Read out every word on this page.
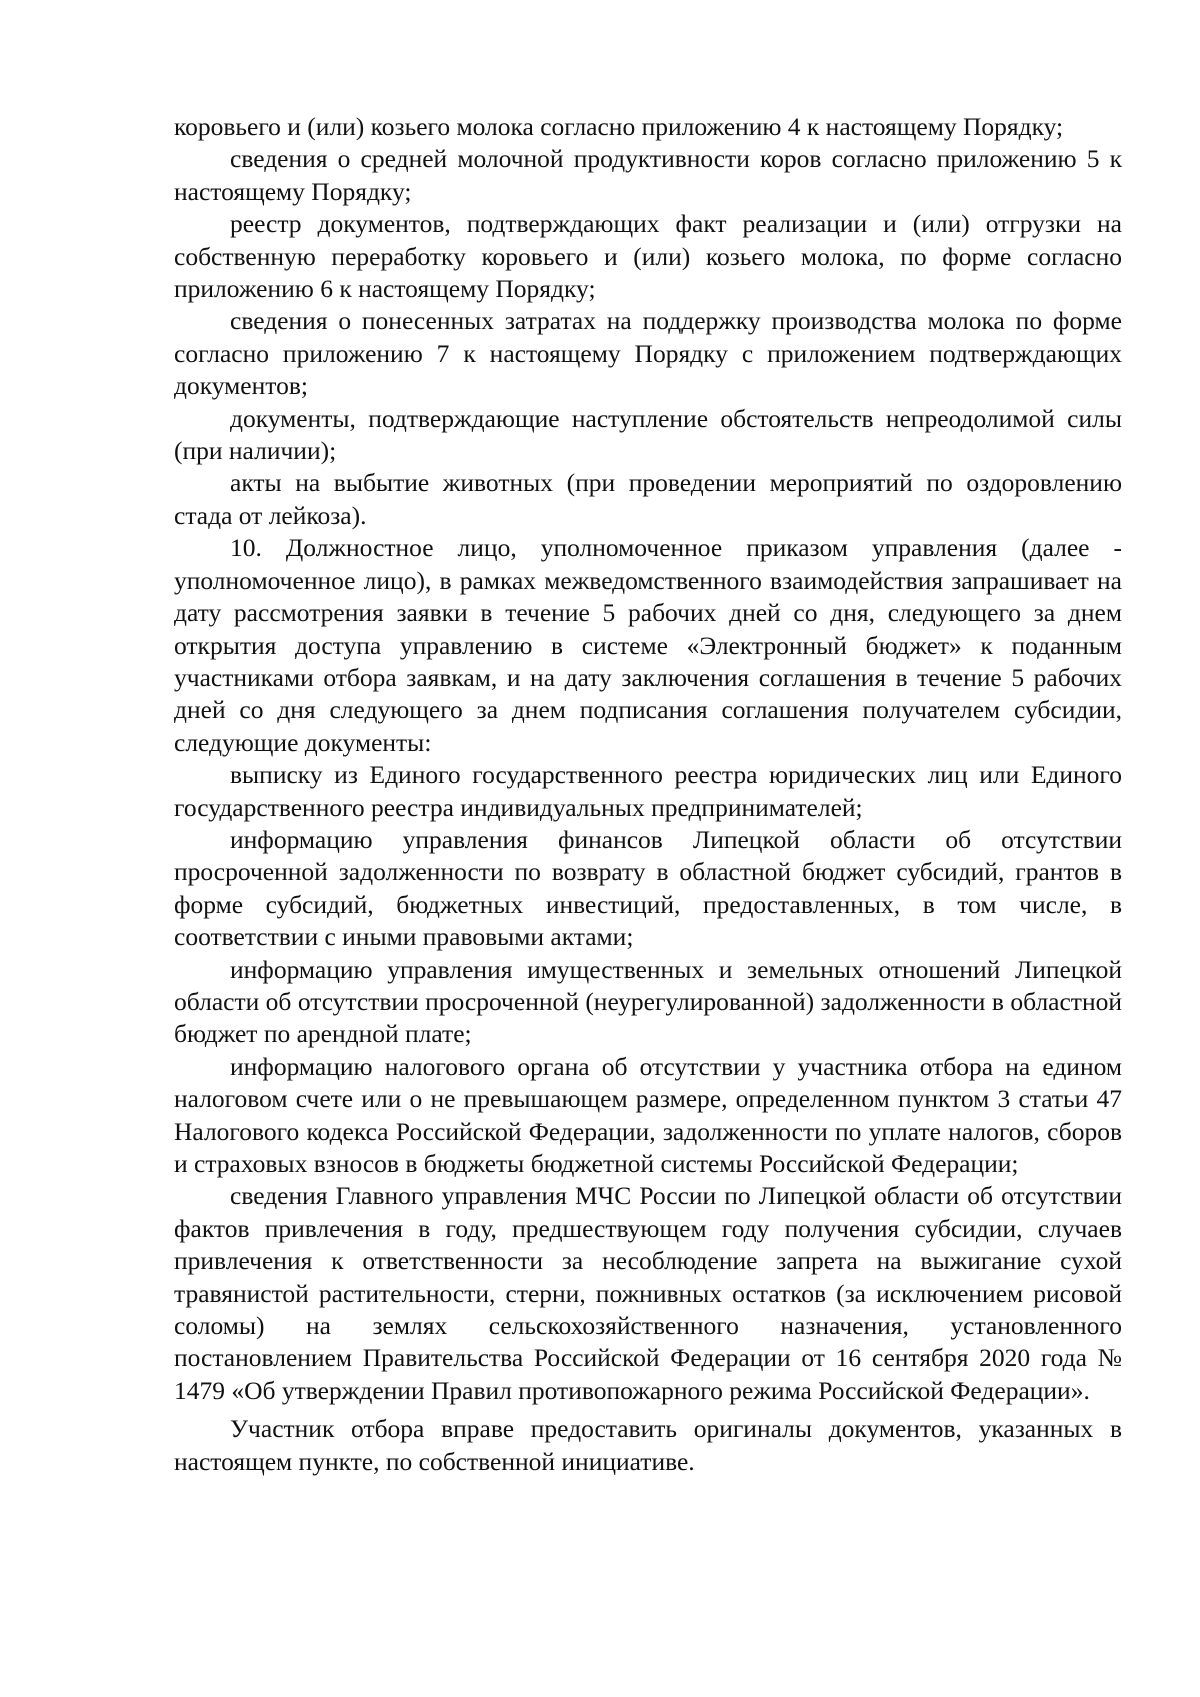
коровьего и (или) козьего молока согласно приложению 4 к настоящему Порядку;

сведения о средней молочной продуктивности коров согласно приложению 5 к настоящему Порядку;

реестр документов, подтверждающих факт реализации и (или) отгрузки на собственную переработку коровьего и (или) козьего молока, по форме согласно приложению 6 к настоящему Порядку;

сведения о понесенных затратах на поддержку производства молока по форме согласно приложению 7 к настоящему Порядку с приложением подтверждающих документов;

документы, подтверждающие наступление обстоятельств непреодолимой силы (при наличии);

акты на выбытие животных (при проведении мероприятий по оздоровлению стада от лейкоза).

10. Должностное лицо, уполномоченное приказом управления (далее - уполномоченное лицо), в рамках межведомственного взаимодействия запрашивает на дату рассмотрения заявки в течение 5 рабочих дней со дня, следующего за днем открытия доступа управлению в системе «Электронный бюджет» к поданным участниками отбора заявкам, и на дату заключения соглашения в течение 5 рабочих дней со дня следующего за днем подписания соглашения получателем субсидии, следующие документы:

выписку из Единого государственного реестра юридических лиц или Единого государственного реестра индивидуальных предпринимателей;

информацию управления финансов Липецкой области об отсутствии просроченной задолженности по возврату в областной бюджет субсидий, грантов в форме субсидий, бюджетных инвестиций, предоставленных, в том числе, в соответствии с иными правовыми актами;

информацию управления имущественных и земельных отношений Липецкой области об отсутствии просроченной (неурегулированной) задолженности в областной бюджет по арендной плате;

информацию налогового органа об отсутствии у участника отбора на едином налоговом счете или о не превышающем размере, определенном пунктом 3 статьи 47 Налогового кодекса Российской Федерации, задолженности по уплате налогов, сборов и страховых взносов в бюджеты бюджетной системы Российской Федерации;

сведения Главного управления МЧС России по Липецкой области об отсутствии фактов привлечения в году, предшествующем году получения субсидии, случаев привлечения к ответственности за несоблюдение запрета на выжигание сухой травянистой растительности, стерни, пожнивных остатков (за исключением рисовой соломы) на землях сельскохозяйственного назначения, установленного постановлением Правительства Российской Федерации от 16 сентября 2020 года № 1479 «Об утверждении Правил противопожарного режима Российской Федерации».

Участник отбора вправе предоставить оригиналы документов, указанных в настоящем пункте, по собственной инициативе.
